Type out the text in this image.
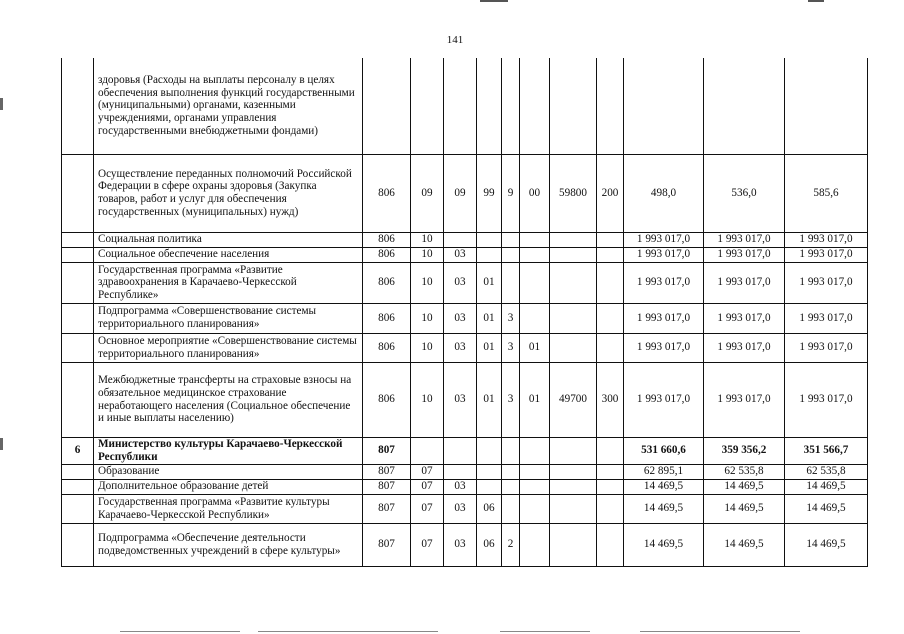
141
	здоровья (Расходы на выплаты персоналу в целях обеспечения выполнения функций государственными (муниципальными) органами, казенными учреждениями, органами управления государственными внебюджетными фондами)											
	Осуществление переданных полномочий Российской Федерации в сфере охраны здоровья (Закупка товаров, работ и услуг для обеспечения государственных (муниципальных) нужд)	806	09	09	99	9	00	59800	200	498,0	536,0	585,6
	Социальная политика	806	10							1 993 017,0	1 993 017,0	1 993 017,0
	Социальное обеспечение населения	806	10	03						1 993 017,0	1 993 017,0	1 993 017,0
	Государственная программа «Развитие здравоохранения в Карачаево-Черкесской Республике»	806	10	03	01					1 993 017,0	1 993 017,0	1 993 017,0
	Подпрограмма «Совершенствование системы территориального планирования»	806	10	03	01	3				1 993 017,0	1 993 017,0	1 993 017,0
	Основное мероприятие «Совершенствование системы территориального планирования»	806	10	03	01	3	01			1 993 017,0	1 993 017,0	1 993 017,0
	Межбюджетные трансферты на страховые взносы на обязательное медицинское страхование неработающего населения (Социальное обеспечение и иные выплаты населению)	806	10	03	01	3	01	49700	300	1 993 017,0	1 993 017,0	1 993 017,0
6	Министерство культуры Карачаево-Черкесской Республики	807								531 660,6	359 356,2	351 566,7
	Образование	807	07							62 895,1	62 535,8	62 535,8
	Дополнительное образование детей	807	07	03						14 469,5	14 469,5	14 469,5
	Государственная программа «Развитие культуры Карачаево-Черкесской Республики»	807	07	03	06					14 469,5	14 469,5	14 469,5
	Подпрограмма «Обеспечение деятельности подведомственных учреждений в сфере культуры»	807	07	03	06	2				14 469,5	14 469,5	14 469,5
